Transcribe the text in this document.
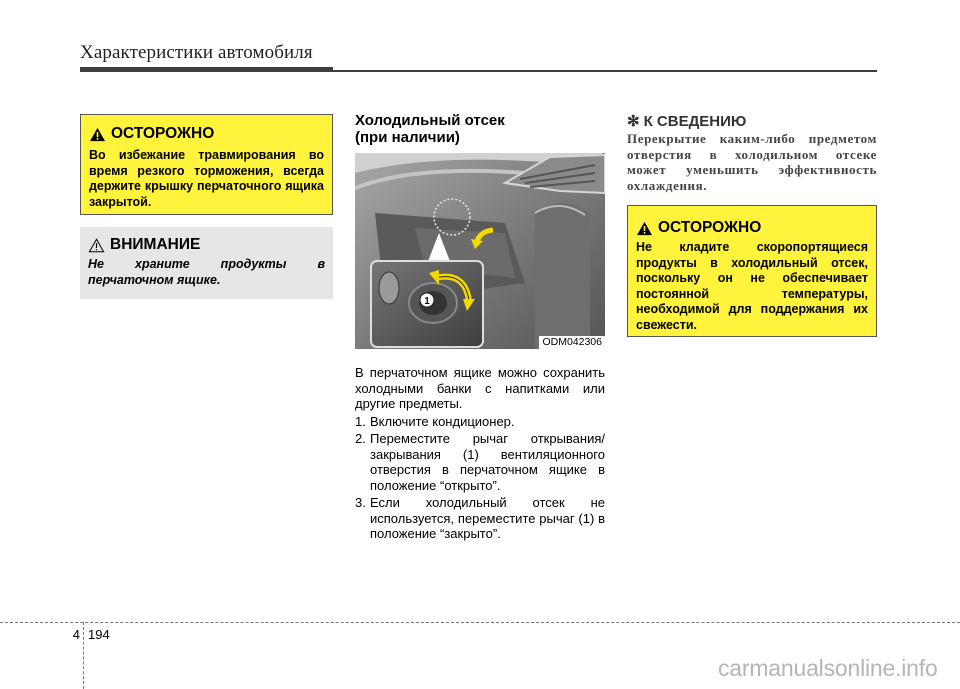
Характеристики автомобиля
ОСТОРОЖНО
Во избежание травмирования во время резкого торможения, всегда держите крышку перчаточного ящика закрытой.
ВНИМАНИЕ
Не храните продукты в перчаточном ящике.
Холодильный отсек
(при наличии)
1
ODM042306

В перчаточном ящике можно сохранить холодными банки с напитками или другие предметы.

1. Включите кондиционер.
2. Переместите рычаг открывания/закрывания (1) вентиляционного отверстия в перчаточном ящике в положение “открыто”.
3. Если холодильный отсек не используется, переместите рычаг (1) в положение “закрыто”.
✻ К СВЕДЕНИЮ
Перекрытие каким-либо предметом отверстия в холодильном отсеке может уменьшить эффективность охлаждения.
ОСТОРОЖНО
Не кладите скоропортящиеся продукты в холодильный отсек, поскольку он не обеспечивает постоянной температуры, необходимой для поддержания их свежести.
4 194
carmanualsonline.info
